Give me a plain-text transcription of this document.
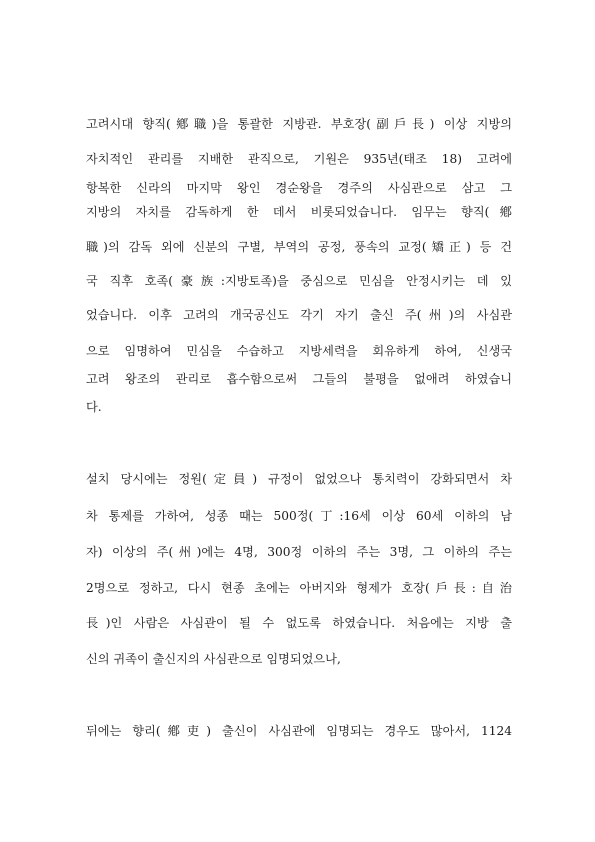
고려시대 향직(鄕職)을 통괄한 지방관. 부호장(副戶長) 이상 지방의
자치적인 관리를 지배한 관직으로, 기원은 935년(태조 18) 고려에
항복한 신라의 마지막 왕인 경순왕을 경주의 사심관으로 삼고 그
지방의 자치를 감독하게 한 데서 비롯되었습니다. 임무는 향직(鄕
職)의 감독 외에 신분의 구별, 부역의 공정, 풍속의 교정(矯正) 등 건
국 직후 호족(豪族:지방토족)을 중심으로 민심을 안정시키는 데 있
었습니다. 이후 고려의 개국공신도 각기 자기 출신 주(州)의 사심관
으로 임명하여 민심을 수습하고 지방세력을 회유하게 하여, 신생국
고려 왕조의 관리로 흡수함으로써 그들의 불평을 없애려 하였습니
다.
설치 당시에는 정원(定員) 규정이 없었으나 통치력이 강화되면서 차
차 통제를 가하여, 성종 때는 500정(丁:16세 이상 60세 이하의 남
자) 이상의 주(州)에는 4명, 300정 이하의 주는 3명, 그 이하의 주는
2명으로 정하고, 다시 현종 초에는 아버지와 형제가 호장(戶長:自治
長)인 사람은 사심관이 될 수 없도록 하였습니다. 처음에는 지방 출
신의 귀족이 출신지의 사심관으로 임명되었으나,
뒤에는 향리(鄕吏) 출신이 사심관에 임명되는 경우도 많아서, 1124
